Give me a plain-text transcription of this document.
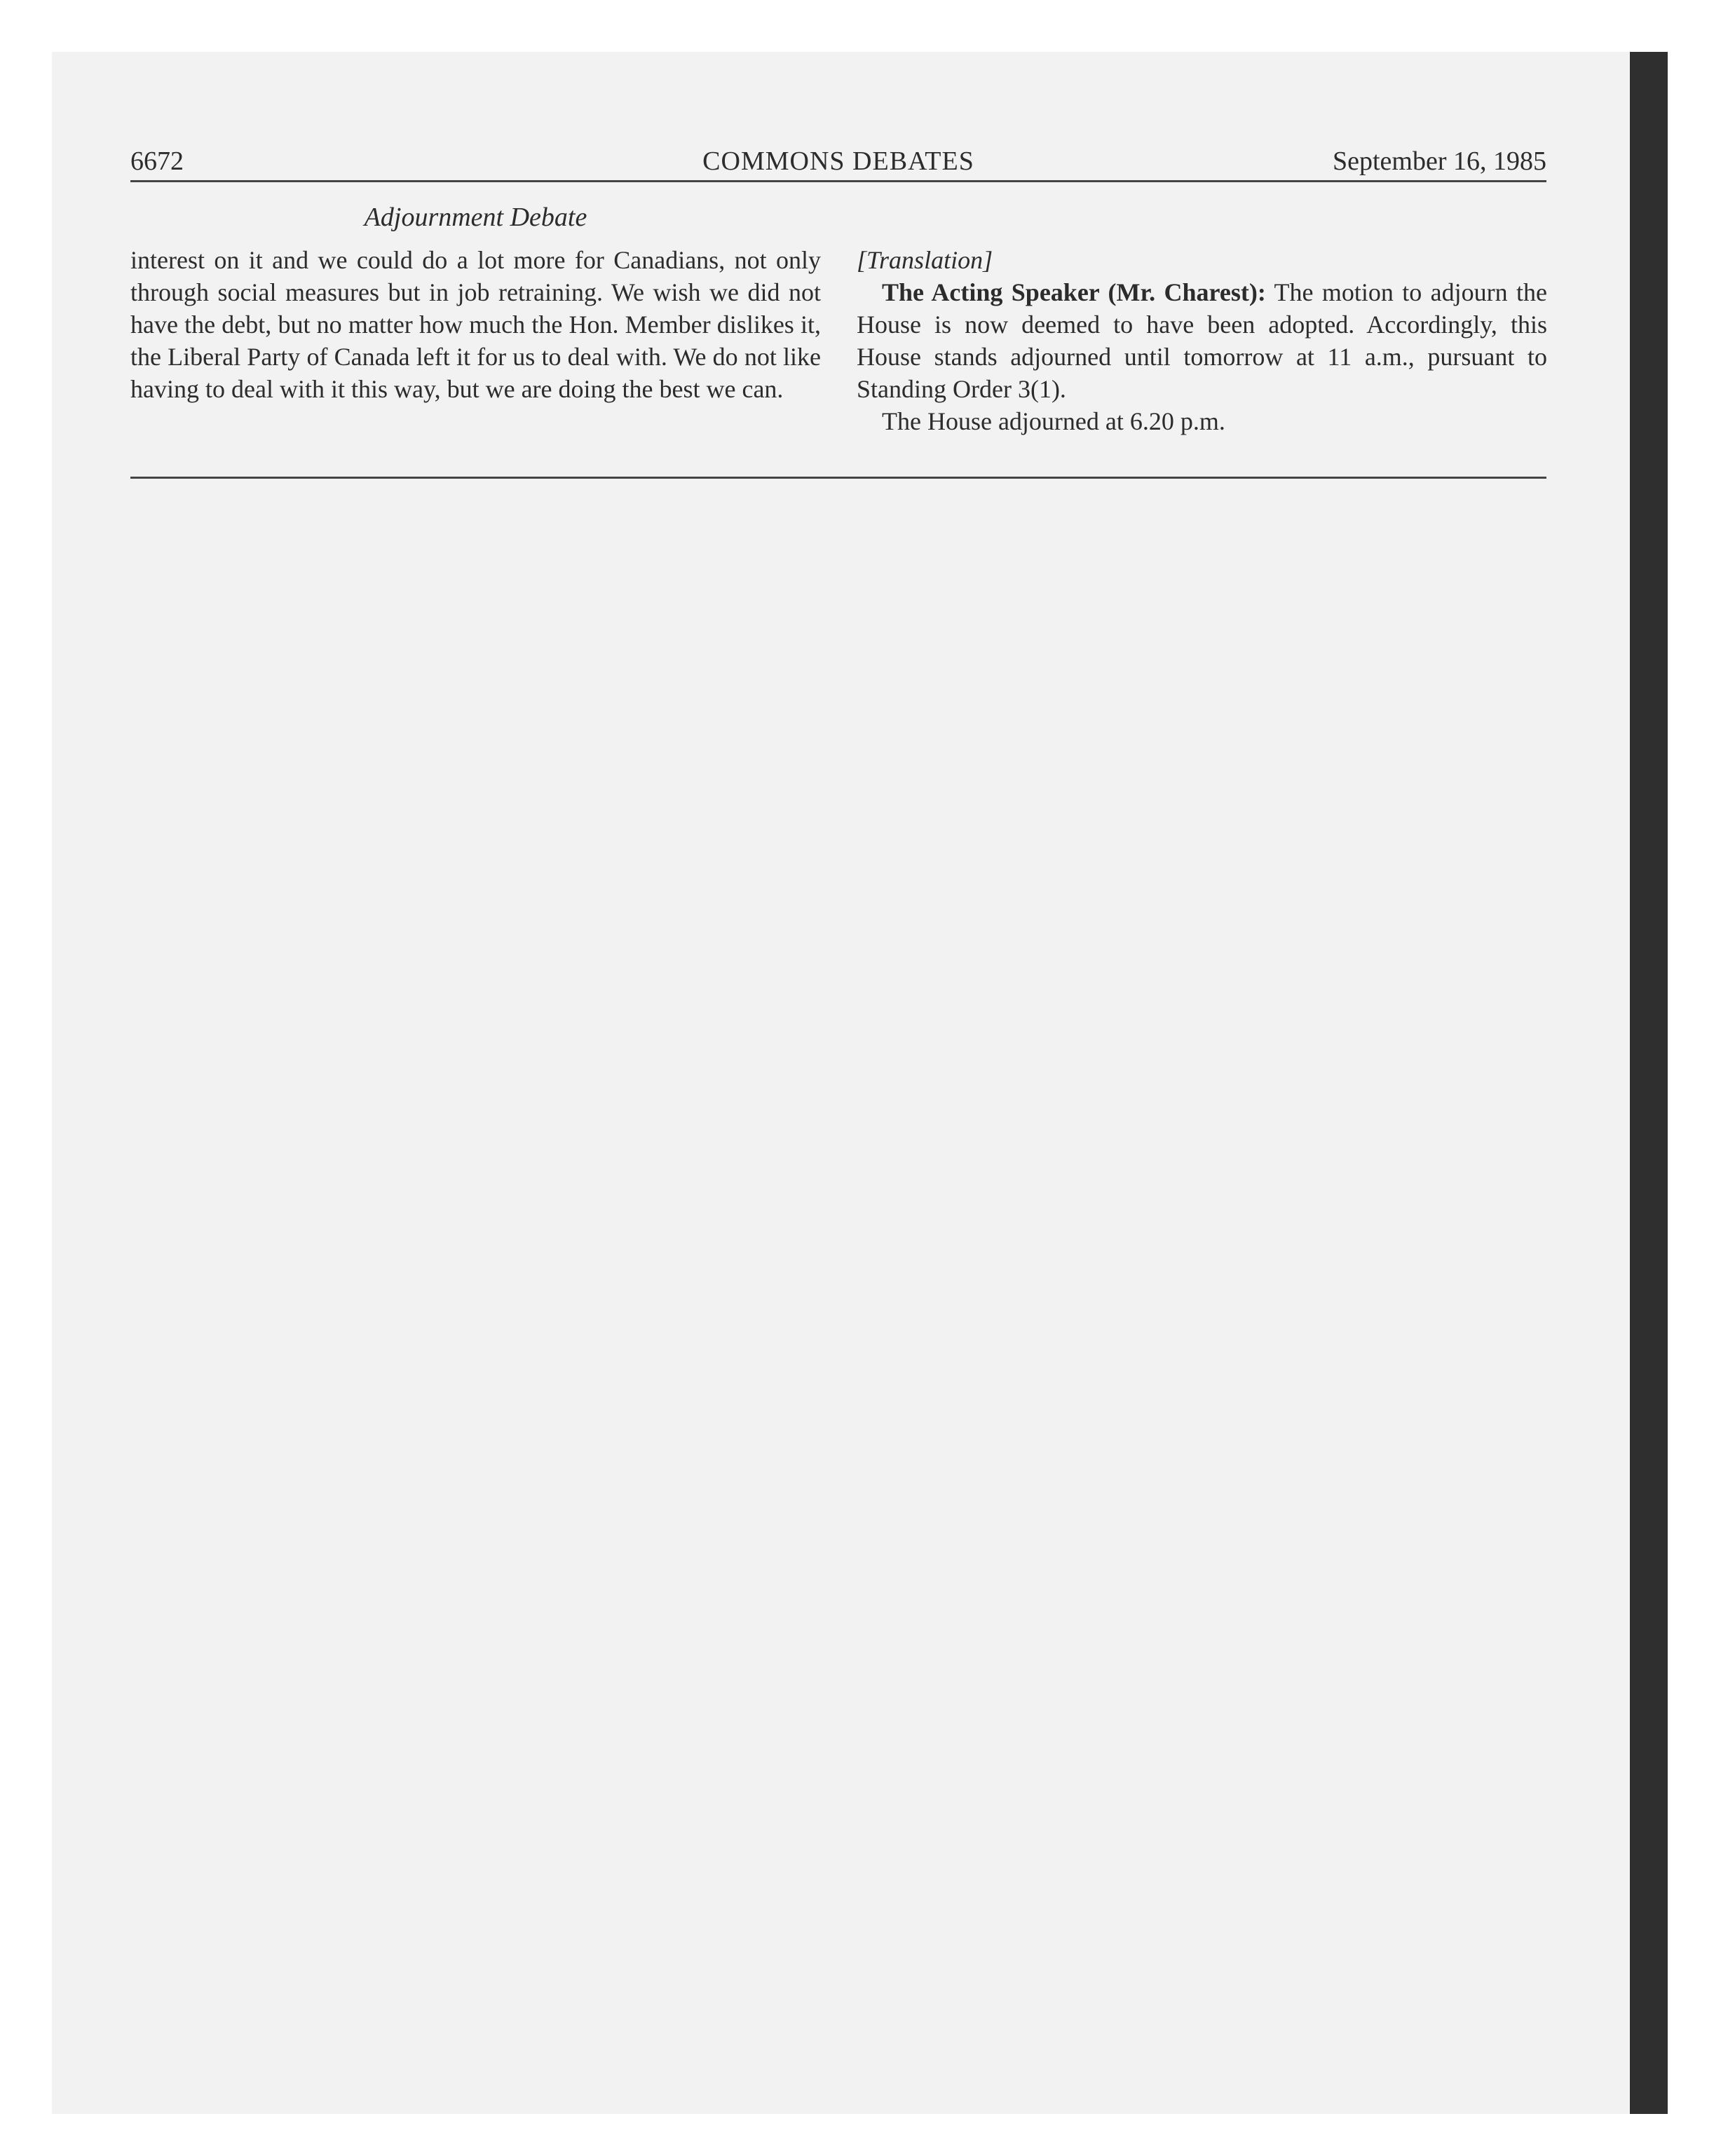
6672	COMMONS DEBATES	September 16, 1985
Adjournment Debate

interest on it and we could do a lot more for Canadians, not only through social measures but in job retraining. We wish we did not have the debt, but no matter how much the Hon. Member dislikes it, the Liberal Party of Canada left it for us to deal with. We do not like having to deal with it this way, but we are doing the best we can.

[Translation]

The Acting Speaker (Mr. Charest): The motion to adjourn the House is now deemed to have been adopted. Accordingly, this House stands adjourned until tomorrow at 11 a.m., pursuant to Standing Order 3(1).

The House adjourned at 6.20 p.m.
